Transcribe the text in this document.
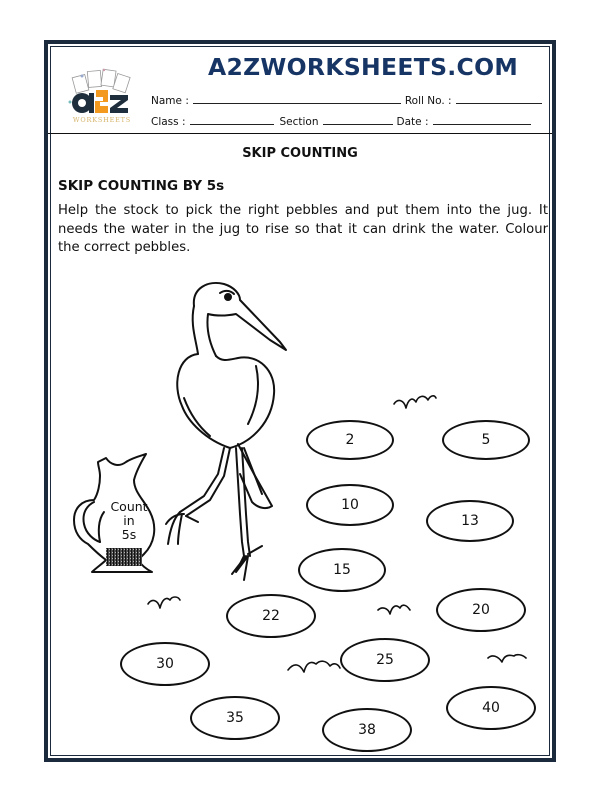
A2ZWORKSHEETS.COM
WORKSHEETS
Name :	Roll No. :
Class :	Section	Date :
SKIP COUNTING
SKIP COUNTING BY 5s
Help the stock to pick the right pebbles and put them into the jug. It needs the water in the jug to rise so that it can drink the water. Colour the correct pebbles.
Count
in
5s
2	5
10
13
15
22	20
30	25
35
38
40
